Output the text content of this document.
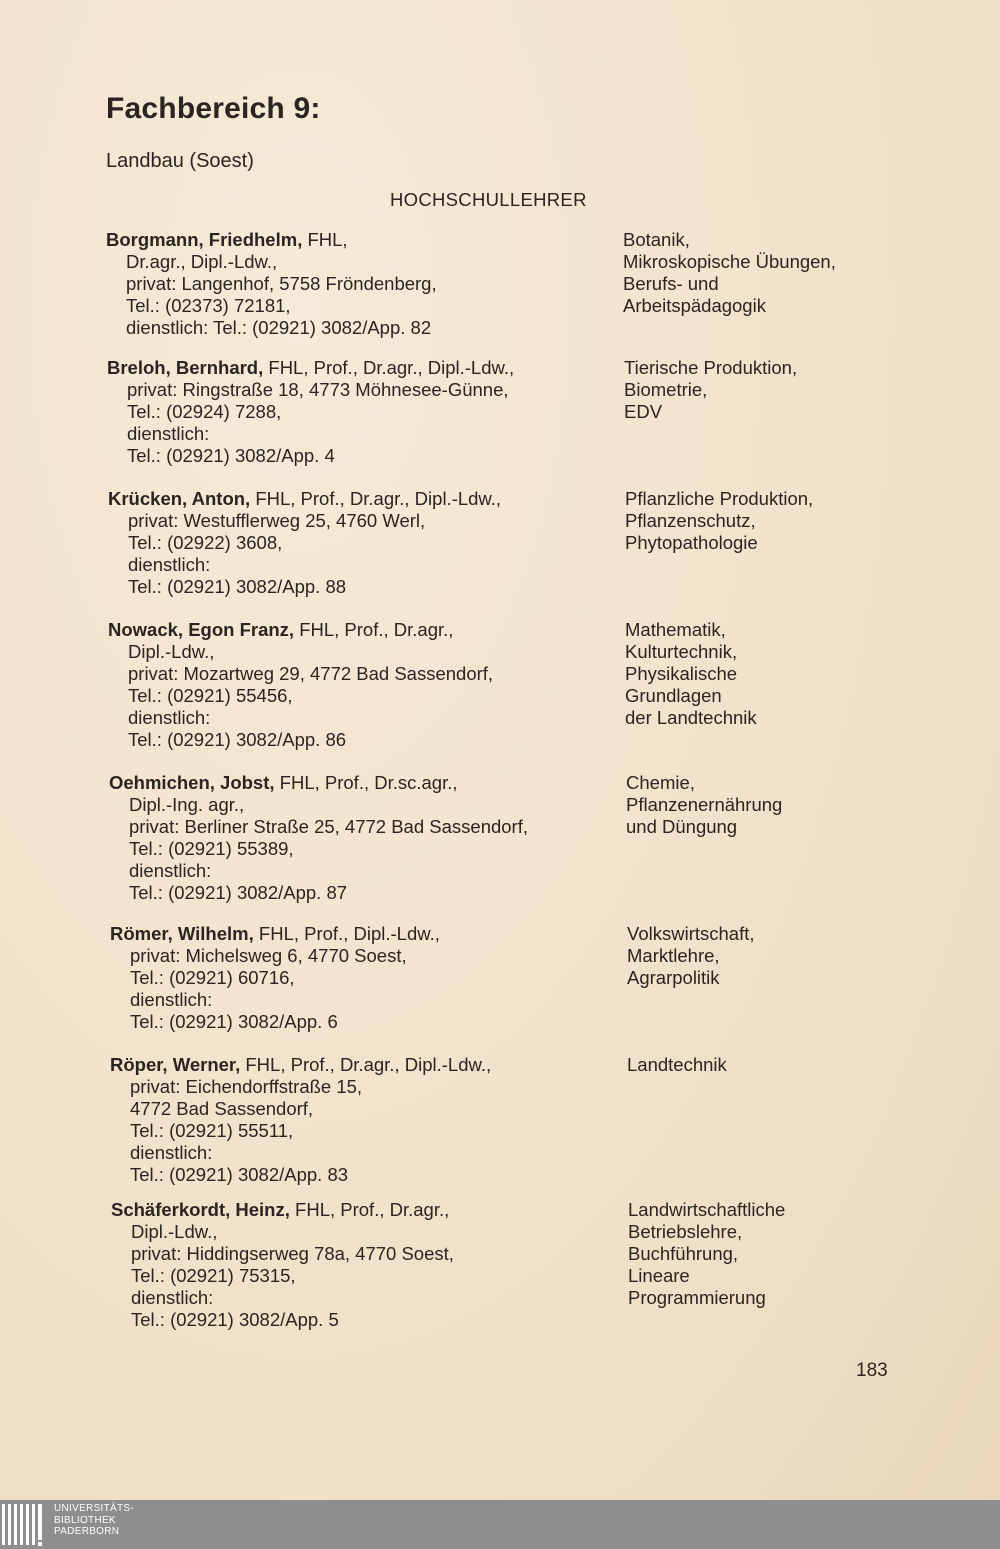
Fachbereich 9:
Landbau (Soest)
HOCHSCHULLEHRER
Borgmann, Friedhelm, FHL,
Dr.agr., Dipl.-Ldw.,
privat: Langenhof, 5758 Fröndenberg,
Tel.: (02373) 72181,
dienstlich: Tel.: (02921) 3082/App. 82
Botanik,
Mikroskopische Übungen,
Berufs- und
Arbeitspädagogik
Breloh, Bernhard, FHL, Prof., Dr.agr., Dipl.-Ldw.,
privat: Ringstraße 18, 4773 Möhnesee-Günne,
Tel.: (02924) 7288,
dienstlich:
Tel.: (02921) 3082/App. 4
Tierische Produktion,
Biometrie,
EDV
Krücken, Anton, FHL, Prof., Dr.agr., Dipl.-Ldw.,
privat: Westufflerweg 25, 4760 Werl,
Tel.: (02922) 3608,
dienstlich:
Tel.: (02921) 3082/App. 88
Pflanzliche Produktion,
Pflanzenschutz,
Phytopathologie
Nowack, Egon Franz, FHL, Prof., Dr.agr.,
Dipl.-Ldw.,
privat: Mozartweg 29, 4772 Bad Sassendorf,
Tel.: (02921) 55456,
dienstlich:
Tel.: (02921) 3082/App. 86
Mathematik,
Kulturtechnik,
Physikalische
Grundlagen
der Landtechnik
Oehmichen, Jobst, FHL, Prof., Dr.sc.agr.,
Dipl.-Ing. agr.,
privat: Berliner Straße 25, 4772 Bad Sassendorf,
Tel.: (02921) 55389,
dienstlich:
Tel.: (02921) 3082/App. 87
Chemie,
Pflanzenernährung
und Düngung
Römer, Wilhelm, FHL, Prof., Dipl.-Ldw.,
privat: Michelsweg 6, 4770 Soest,
Tel.: (02921) 60716,
dienstlich:
Tel.: (02921) 3082/App. 6
Volkswirtschaft,
Marktlehre,
Agrarpolitik
Röper, Werner, FHL, Prof., Dr.agr., Dipl.-Ldw.,
privat: Eichendorffstraße 15,
4772 Bad Sassendorf,
Tel.: (02921) 55511,
dienstlich:
Tel.: (02921) 3082/App. 83
Landtechnik
Schäferkordt, Heinz, FHL, Prof., Dr.agr.,
Dipl.-Ldw.,
privat: Hiddingserweg 78a, 4770 Soest,
Tel.: (02921) 75315,
dienstlich:
Tel.: (02921) 3082/App. 5
Landwirtschaftliche
Betriebslehre,
Buchführung,
Lineare
Programmierung
183
UNIVERSITÄTS-
BIBLIOTHEK
PADERBORN
